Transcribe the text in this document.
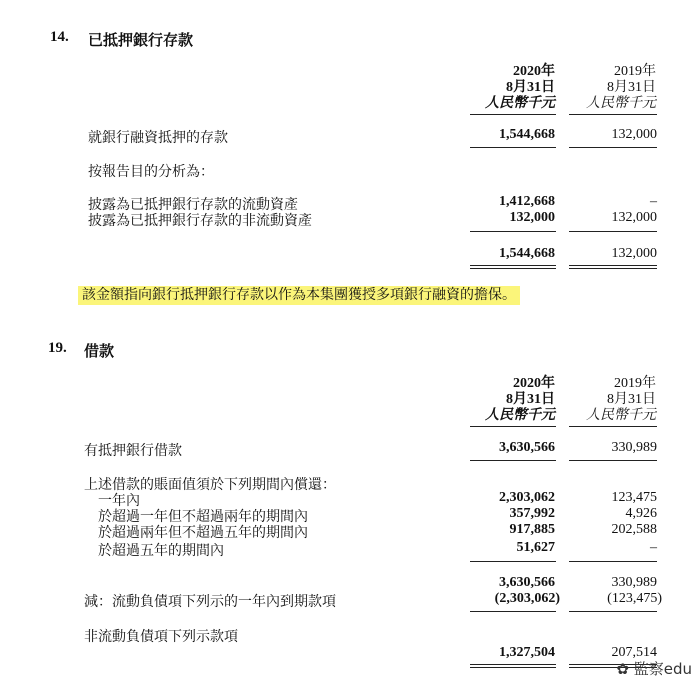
14. 已抵押銀行存款
2020年
8月31日
人民幣千元
2019年
8月31日
人民幣千元
就銀行融資抵押的存款	1,544,668	132,000
按報告目的分析為：
披露為已抵押銀行存款的流動資產	1,412,668	–
披露為已抵押銀行存款的非流動資產	132,000	132,000
1,544,668	132,000
該金額指向銀行抵押銀行存款以作為本集團獲授多項銀行融資的擔保。
19. 借款
2020年
8月31日
人民幣千元
2019年
8月31日
人民幣千元
有抵押銀行借款	3,630,566	330,989
上述借款的賬面值須於下列期間內償還：
一年內	2,303,062	123,475
於超過一年但不超過兩年的期間內	357,992	4,926
於超過兩年但不超過五年的期間內	917,885	202,588
於超過五年的期間內	51,627	–
3,630,566	330,989
減：流動負債項下列示的一年內到期款項	(2,303,062)	(123,475)
非流動負債項下列示款項
1,327,504	207,514
✿ 監察edu
